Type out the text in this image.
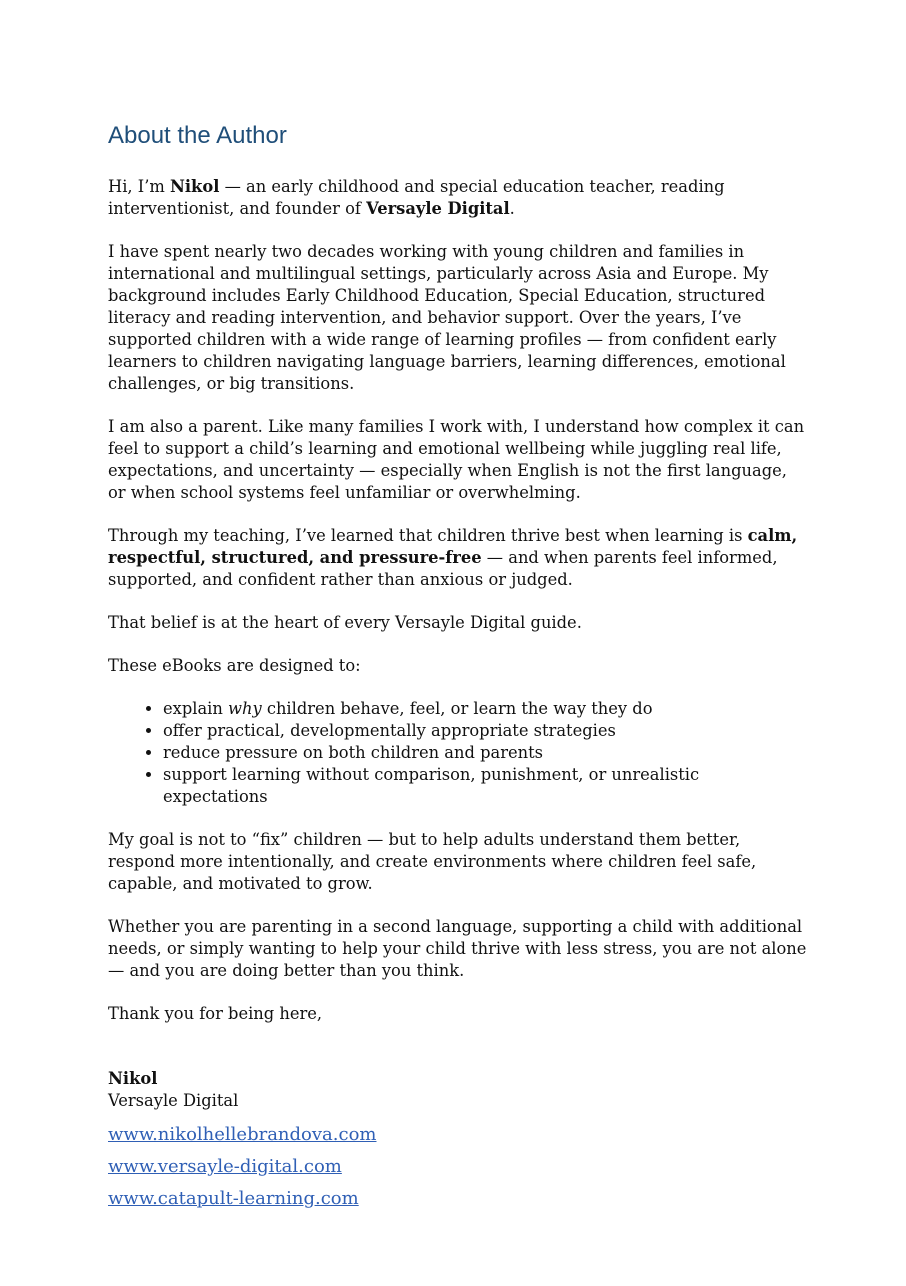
About the Author

Hi, I’m Nikol — an early childhood and special education teacher, reading interventionist, and founder of Versayle Digital.

I have spent nearly two decades working with young children and families in international and multilingual settings, particularly across Asia and Europe. My background includes Early Childhood Education, Special Education, structured literacy and reading intervention, and behavior support. Over the years, I’ve supported children with a wide range of learning profiles — from confident early learners to children navigating language barriers, learning differences, emotional challenges, or big transitions.

I am also a parent. Like many families I work with, I understand how complex it can feel to support a child’s learning and emotional wellbeing while juggling real life, expectations, and uncertainty — especially when English is not the first language, or when school systems feel unfamiliar or overwhelming.

Through my teaching, I’ve learned that children thrive best when learning is calm, respectful, structured, and pressure-free — and when parents feel informed, supported, and confident rather than anxious or judged.

That belief is at the heart of every Versayle Digital guide.

These eBooks are designed to:

• explain why children behave, feel, or learn the way they do
• offer practical, developmentally appropriate strategies
• reduce pressure on both children and parents
• support learning without comparison, punishment, or unrealistic expectations

My goal is not to “fix” children — but to help adults understand them better, respond more intentionally, and create environments where children feel safe, capable, and motivated to grow.

Whether you are parenting in a second language, supporting a child with additional needs, or simply wanting to help your child thrive with less stress, you are not alone — and you are doing better than you think.

Thank you for being here,

Nikol
Versayle Digital
www.nikolhellebrandova.com
www.versayle-digital.com
www.catapult-learning.com
